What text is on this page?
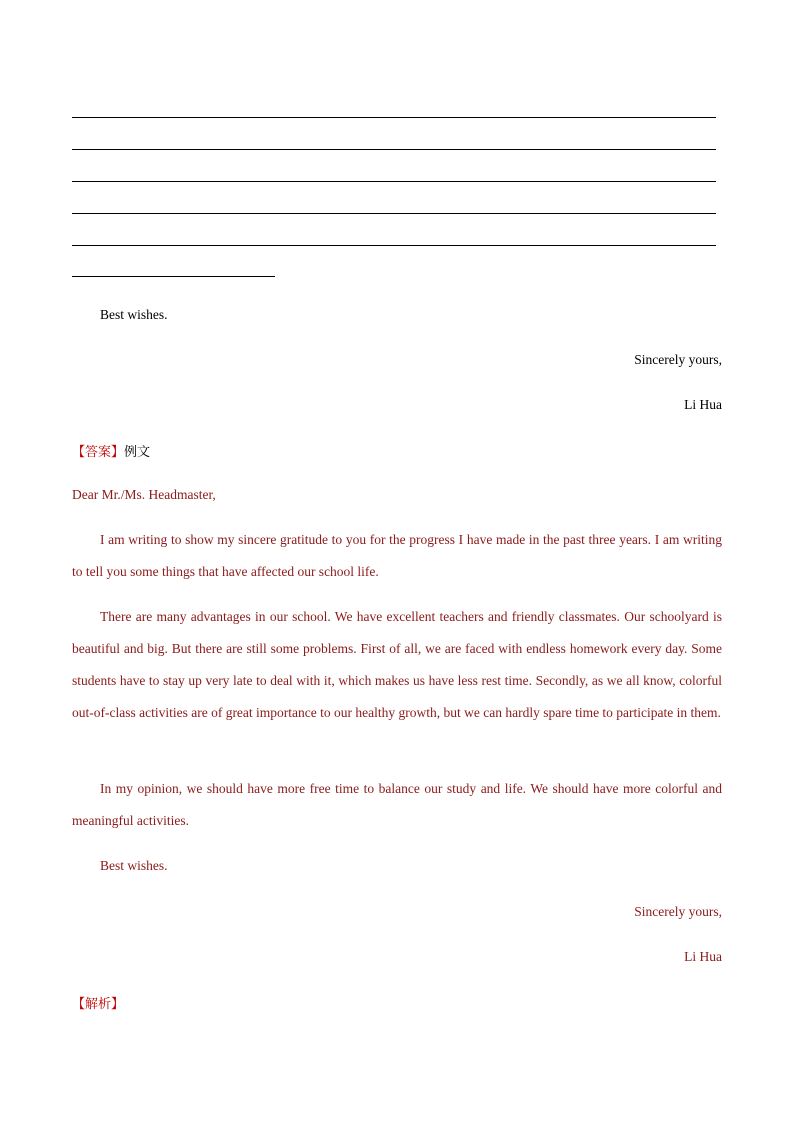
Best wishes.
Sincerely yours,
Li Hua
【答案】例文
Dear Mr./Ms. Headmaster,
I am writing to show my sincere gratitude to you for the progress I have made in the past three years. I am writing to tell you some things that have affected our school life.
There are many advantages in our school. We have excellent teachers and friendly classmates. Our schoolyard is beautiful and big. But there are still some problems. First of all, we are faced with endless homework every day. Some students have to stay up very late to deal with it, which makes us have less rest time. Secondly, as we all know, colorful out-of-class activities are of great importance to our healthy growth, but we can hardly spare time to participate in them.
In my opinion, we should have more free time to balance our study and life. We should have more colorful and meaningful activities.
Best wishes.
Sincerely yours,
Li Hua
【解析】
